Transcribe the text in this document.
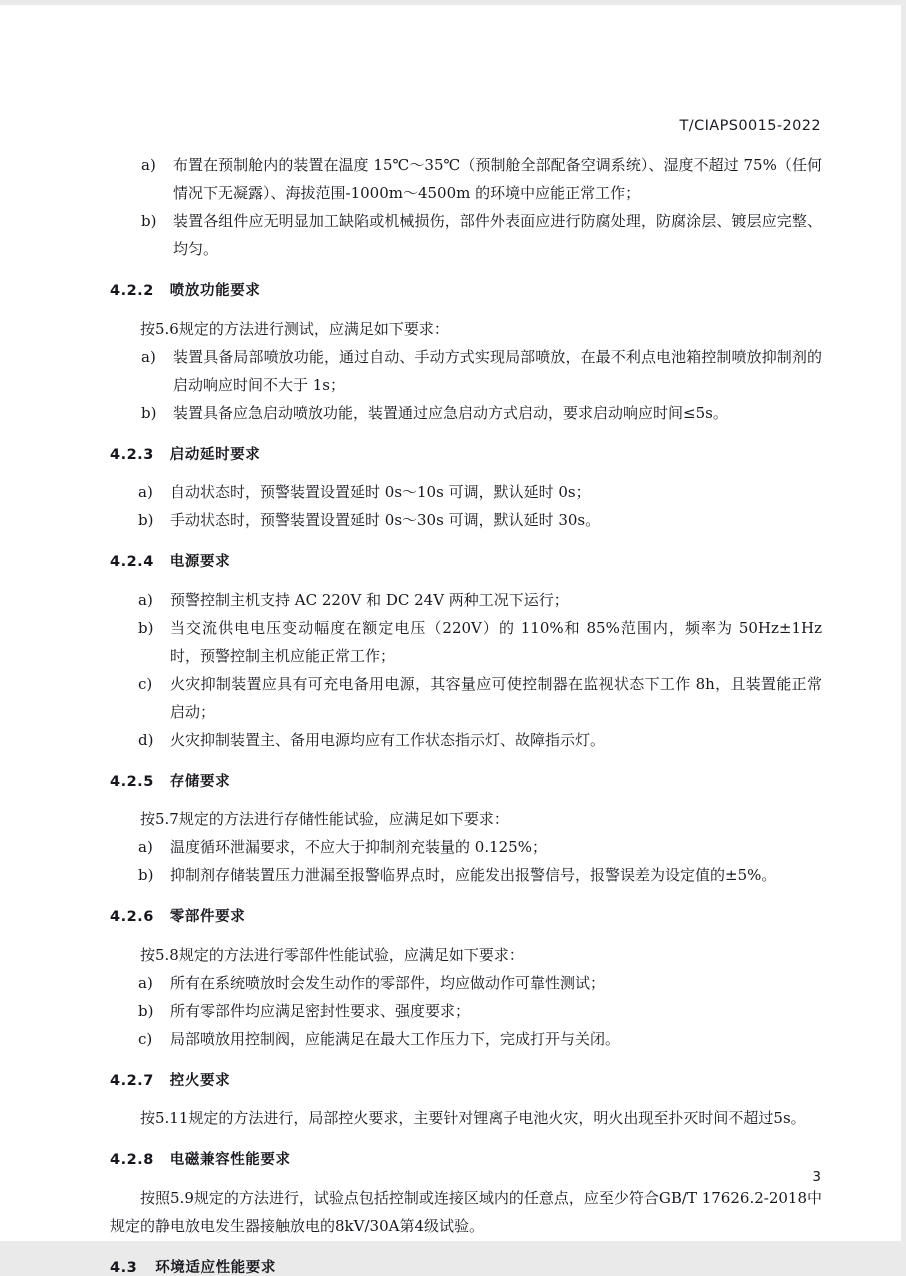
T/CIAPS0015-2022
a)	布置在预制舱内的装置在温度 15℃～35℃（预制舱全部配备空调系统）、湿度不超过 75%（任何情况下无凝露）、海拔范围-1000m～4500m 的环境中应能正常工作；
b)	装置各组件应无明显加工缺陷或机械损伤，部件外表面应进行防腐处理，防腐涂层、镀层应完整、均匀。
4.2.2 喷放功能要求

按5.6规定的方法进行测试，应满足如下要求：

a)	装置具备局部喷放功能，通过自动、手动方式实现局部喷放，在最不利点电池箱控制喷放抑制剂的启动响应时间不大于 1s；
b)	装置具备应急启动喷放功能，装置通过应急启动方式启动，要求启动响应时间≤5s。
4.2.3 启动延时要求
a)	自动状态时，预警装置设置延时 0s～10s 可调，默认延时 0s；
b)	手动状态时，预警装置设置延时 0s～30s 可调，默认延时 30s。
4.2.4 电源要求
a)	预警控制主机支持 AC 220V 和 DC 24V 两种工况下运行；
b)	当交流供电电压变动幅度在额定电压（220V）的 110%和 85%范围内，频率为 50Hz±1Hz 时，预警控制主机应能正常工作；
c)	火灾抑制装置应具有可充电备用电源，其容量应可使控制器在监视状态下工作 8h，且装置能正常启动；
d)	火灾抑制装置主、备用电源均应有工作状态指示灯、故障指示灯。
4.2.5 存储要求

按5.7规定的方法进行存储性能试验，应满足如下要求：

a)	温度循环泄漏要求，不应大于抑制剂充装量的 0.125%；
b)	抑制剂存储装置压力泄漏至报警临界点时，应能发出报警信号，报警误差为设定值的±5%。
4.2.6 零部件要求

按5.8规定的方法进行零部件性能试验，应满足如下要求：

a)	所有在系统喷放时会发生动作的零部件，均应做动作可靠性测试；
b)	所有零部件均应满足密封性要求、强度要求；
c)	局部喷放用控制阀，应能满足在最大工作压力下，完成打开与关闭。
4.2.7 控火要求

按5.11规定的方法进行，局部控火要求，主要针对锂离子电池火灾，明火出现至扑灭时间不超过5s。

4.2.8 电磁兼容性能要求

按照5.9规定的方法进行，试验点包括控制或连接区域内的任意点，应至少符合GB/T 17626.2-2018中规定的静电放电发生器接触放电的8kV/30A第4级试验。

4.3 环境适应性能要求
3
